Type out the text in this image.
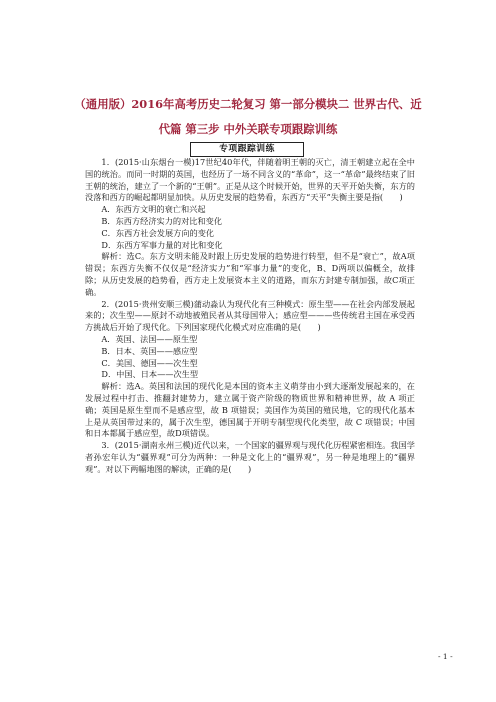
（通用版）2016年高考历史二轮复习 第一部分模块二 世界古代、近
代篇 第三步 中外关联专项跟踪训练
专项跟踪训练

1．(2015·山东烟台一模)17世纪40年代，伴随着明王朝的灭亡，清王朝建立起在全中国的统治。而同一时期的英国，也经历了一场不同含义的“革命”，这一“革命”最终结束了旧王朝的统治，建立了一个新的“王朝”。正是从这个时候开始，世界的天平开始失衡，东方的没落和西方的崛起都明显加快。从历史发展的趋势看，东西方“天平”失衡主要是指(　　)

A．东西方文明的衰亡和兴起

B．东西方经济实力的对比和变化

C．东西方社会发展方向的变化

D．东西方军事力量的对比和变化

解析：选C。东方文明未能及时跟上历史发展的趋势进行转型，但不是“衰亡”，故A项错误；东西方失衡不仅仅是“经济实力”和“军事力量”的变化，B、D两项以偏概全，故排除；从历史发展的趋势看，西方走上发展资本主义的道路，而东方封建专制加强，故C项正确。

2．(2015·贵州安顺三模)蒲动淼认为现代化有三种模式：原生型——在社会内部发展起来的；次生型——原封不动地被殖民者从其母国带入；感应型———些传统君主国在承受西方挑战后开始了现代化。下列国家现代化模式对应准确的是(　　)

A．英国、法国——原生型

B．日本、英国——感应型

C．美国、德国——次生型

D．中国、日本——次生型

解析：选A。英国和法国的现代化是本国的资本主义萌芽由小到大逐渐发展起来的，在发展过程中打击、推翻封建势力，建立属于资产阶级的物质世界和精神世界，故 A 项正确；英国是原生型而不是感应型，故 B 项错误；美国作为英国的殖民地，它的现代化基本上是从英国带过来的，属于次生型，德国属于开明专制型现代化类型，故 C 项错误；中国和日本都属于感应型，故D项错误。

3．(2015·湖南永州三模)近代以来，一个国家的疆界观与现代化历程紧密相连。我国学者孙宏年认为“疆界观”可分为两种：一种是文化上的“疆界观”，另一种是地理上的“疆界观”。对以下两幅地图的解读，正确的是(　　)

- 1 -
